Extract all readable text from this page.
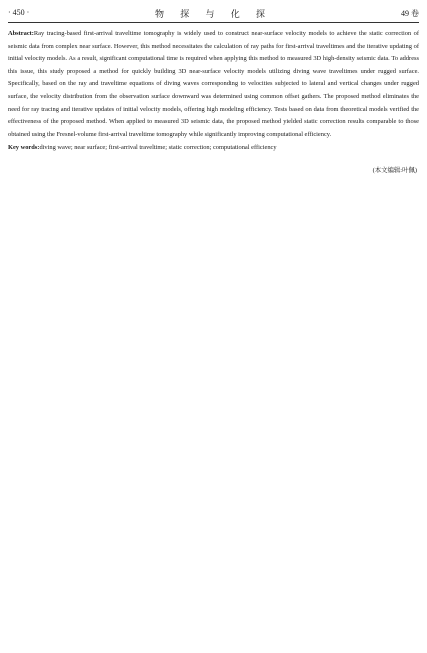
· 450 ·	物 探 与 化 探	49 卷

Abstract:Ray tracing-based first-arrival traveltime tomography is widely used to construct near-surface velocity models to achieve the static correction of seismic data from complex near surface. However, this method necessitates the calculation of ray paths for first-arrival traveltimes and the iterative updating of initial velocity models. As a result, significant computational time is required when applying this method to measured 3D high-density seismic data. To address this issue, this study proposed a method for quickly building 3D near-surface velocity models utilizing diving wave traveltimes under rugged surface. Specifically, based on the ray and traveltime equations of diving waves corresponding to velocities subjected to lateral and vertical changes under rugged surface, the velocity distribution from the observation surface downward was determined using common offset gathers. The proposed method eliminates the need for ray tracing and iterative updates of initial velocity models, offering high modeling efficiency. Tests based on data from theoretical models verified the effectiveness of the proposed method. When applied to measured 3D seismic data, the proposed method yielded static correction results comparable to those obtained using the Fresnel-volume first-arrival traveltime tomography while significantly improving computational efficiency.

Key words:diving wave; near surface; first-arrival traveltime; static correction; computational efficiency

(本文编辑:叶佩)
